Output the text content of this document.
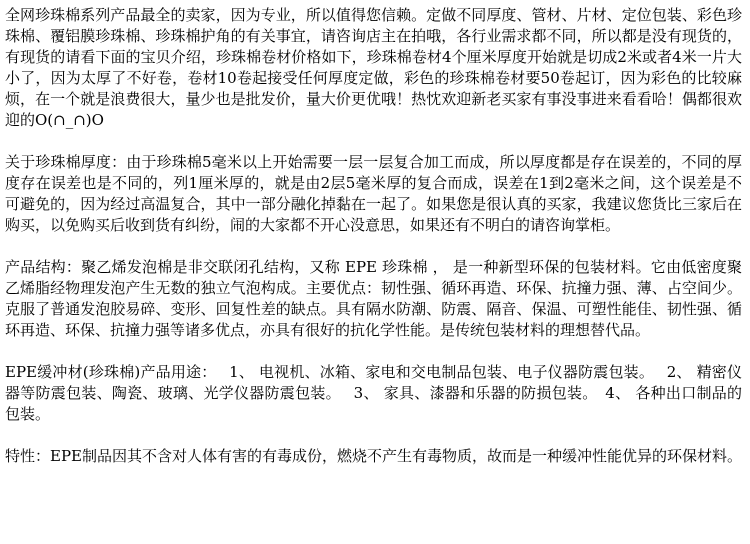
全网珍珠棉系列产品最全的卖家，因为专业，所以值得您信赖。定做不同厚度、管材、片材、定位包装、彩色珍珠棉、覆铝膜珍珠棉、珍珠棉护角的有关事宜，请咨询店主在拍哦，各行业需求都不同，所以都是没有现货的，有现货的请看下面的宝贝介绍，珍珠棉卷材价格如下，珍珠棉卷材4个厘米厚度开始就是切成2米或者4米一片大小了，因为太厚了不好卷，卷材10卷起接受任何厚度定做，彩色的珍珠棉卷材要50卷起订，因为彩色的比较麻烦，在一个就是浪费很大，量少也是批发价，量大价更优哦！热忱欢迎新老买家有事没事进来看看哈！偶都很欢迎的O(∩_∩)O

关于珍珠棉厚度：由于珍珠棉5毫米以上开始需要一层一层复合加工而成，所以厚度都是存在误差的，不同的厚度存在误差也是不同的，列1厘米厚的，就是由2层5毫米厚的复合而成，误差在1到2毫米之间，这个误差是不可避免的，因为经过高温复合，其中一部分融化掉黏在一起了。如果您是很认真的买家，我建议您货比三家后在购买，以免购买后收到货有纠纷，闹的大家都不开心没意思，如果还有不明白的请咨询掌柜。

产品结构：聚乙烯发泡棉是非交联闭孔结构，又称 EPE 珍珠棉 ， 是一种新型环保的包装材料。它由低密度聚乙烯脂经物理发泡产生无数的独立气泡构成。主要优点：韧性强、循环再造、环保、抗撞力强、薄、占空间少。克服了普通发泡胶易碎、变形、回复性差的缺点。具有隔水防潮、防震、隔音、保温、可塑性能佳、韧性强、循环再造、环保、抗撞力强等诸多优点，亦具有很好的抗化学性能。是传统包装材料的理想替代品。

EPE缓冲材(珍珠棉)产品用途：　 1、 电视机、冰箱、家电和交电制品包装、电子仪器防震包装。　 2、 精密仪器等防震包装、陶瓷、玻璃、光学仪器防震包装。　 3、 家具、漆器和乐器的防损包装。　4、 各种出口制品的包装。

特性：EPE制品因其不含对人体有害的有毒成份，燃烧不产生有毒物质，故而是一种缓冲性能优异的环保材料。
